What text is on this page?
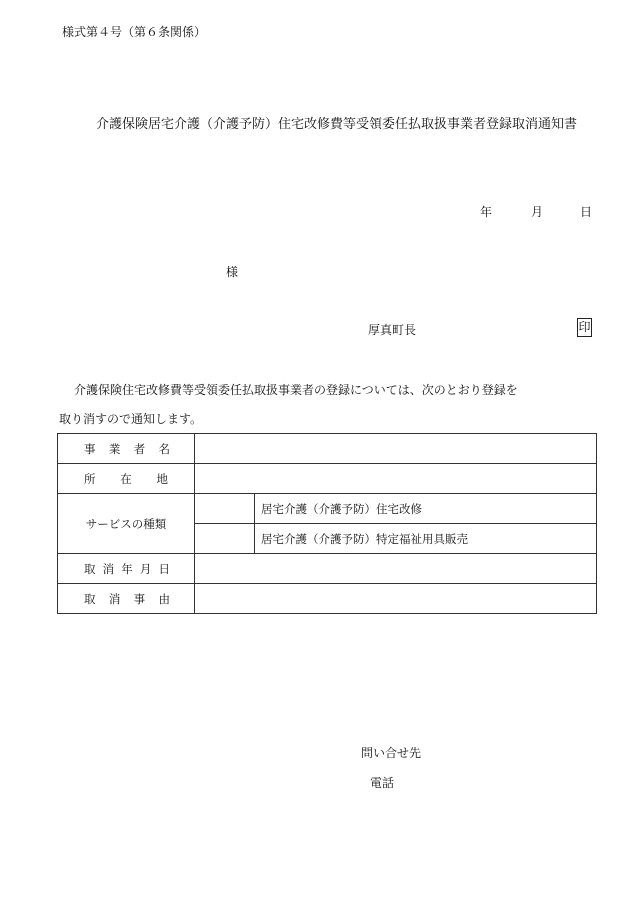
様式第４号（第６条関係）
介護保険居宅介護（介護予防）住宅改修費等受領委任払取扱事業者登録取消通知書
年	月	日
様
厚真町長	印
介護保険住宅改修費等受領委任払取扱事業者の登録については、次のとおり登録を
取り消すので通知します。
事 業 者 名		

所 在 地		

サービスの種類		居宅介護（介護予防）住宅改修
		居宅介護（介護予防）特定福祉用具販売

取 消 年 月 日		

取 消 事 由		

問い合せ先
電話
